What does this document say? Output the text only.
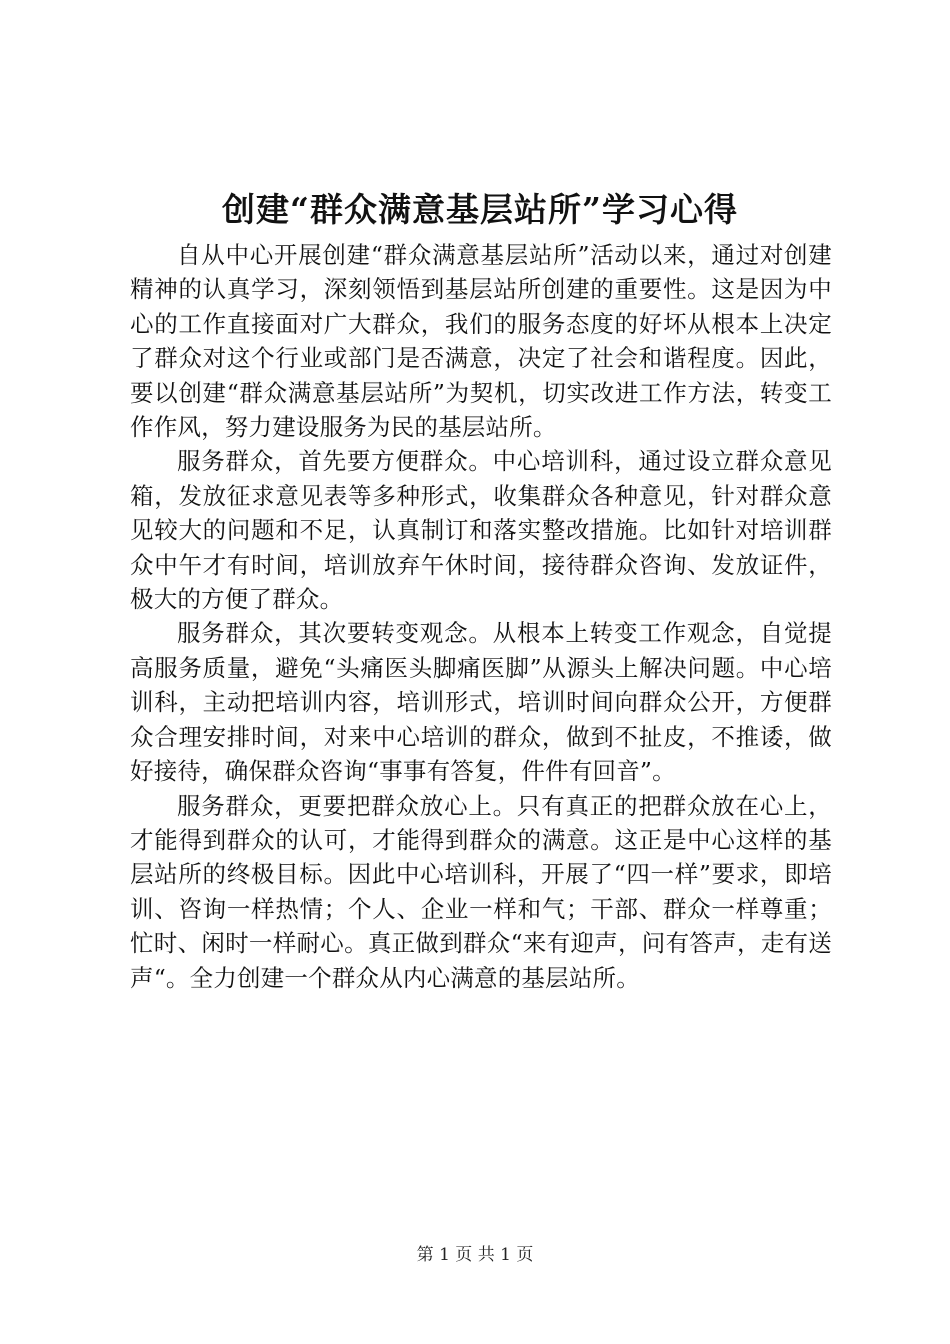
创建“群众满意基层站所”学习心得

自从中心开展创建“群众满意基层站所”活动以来，通过对创建精神的认真学习，深刻领悟到基层站所创建的重要性。这是因为中心的工作直接面对广大群众，我们的服务态度的好坏从根本上决定了群众对这个行业或部门是否满意，决定了社会和谐程度。因此，要以创建“群众满意基层站所”为契机，切实改进工作方法，转变工作作风，努力建设服务为民的基层站所。

服务群众，首先要方便群众。中心培训科，通过设立群众意见箱，发放征求意见表等多种形式，收集群众各种意见，针对群众意见较大的问题和不足，认真制订和落实整改措施。比如针对培训群众中午才有时间，培训放弃午休时间，接待群众咨询、发放证件，极大的方便了群众。

服务群众，其次要转变观念。从根本上转变工作观念，自觉提高服务质量，避免“头痛医头脚痛医脚”从源头上解决问题。中心培训科，主动把培训内容，培训形式，培训时间向群众公开，方便群众合理安排时间，对来中心培训的群众，做到不扯皮，不推诿，做好接待，确保群众咨询“事事有答复，件件有回音”。

服务群众，更要把群众放心上。只有真正的把群众放在心上，才能得到群众的认可，才能得到群众的满意。这正是中心这样的基层站所的终极目标。因此中心培训科，开展了“四一样”要求，即培训、咨询一样热情；个人、企业一样和气；干部、群众一样尊重；忙时、闲时一样耐心。真正做到群众“来有迎声，问有答声，走有送声“。全力创建一个群众从内心满意的基层站所。

第 1 页 共 1 页
